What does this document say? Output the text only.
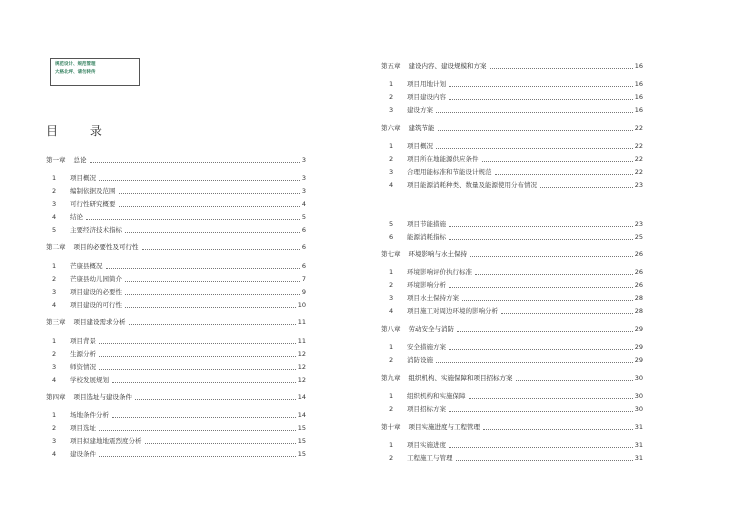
规范设计、规范管理
大格北坪、请勿转传
目 录
第一章 总论	3
1	项目概况	3
2	编制依据及范围	3
3	可行性研究概要	4
4	结论	5
5	主要经济技术指标	6
第二章 项目的必要性及可行性	6
1	芒康县概况	6
2	芒康县幼儿园简介	7
3	项目建设的必要性	9
4	项目建设的可行性	10
第三章 项目建设需求分析	11
1	项目背景	11
2	生源分析	12
3	师资情况	12
4	学校发展规划	12
第四章 项目选址与建设条件	14
1	场地条件分析	14
2	项目选址	15
3	项目拟建地地震烈度分析	15
4	建设条件	15
第五章 建设内容、建设规模和方案	16
1	项目用地计划	16
2	项目建设内容	16
3	建设方案	16
第六章 建筑节能	22
1	项目概况	22
2	项目所在地能源供应条件	22
3	合理用能标准和节能设计规范	22
4	项目能源消耗种类、数量及能源使用分布情况	23
5	项目节能措施	23
6	能源消耗指标	25
第七章 环境影响与水土保持	26
1	环境影响评价执行标准	26
2	环境影响分析	26
3	项目水土保持方案	28
4	项目施工对周边环境的影响分析	28
第八章 劳动安全与消防	29
1	安全措施方案	29
2	消防设施	29
第九章 组织机构、实施保障和项目招标方案	30
1	组织机构和实施保障	30
2	项目招标方案	30
第十章 项目实施进度与工程管理	31
1	项目实施进度	31
2	工程施工与管理	31
